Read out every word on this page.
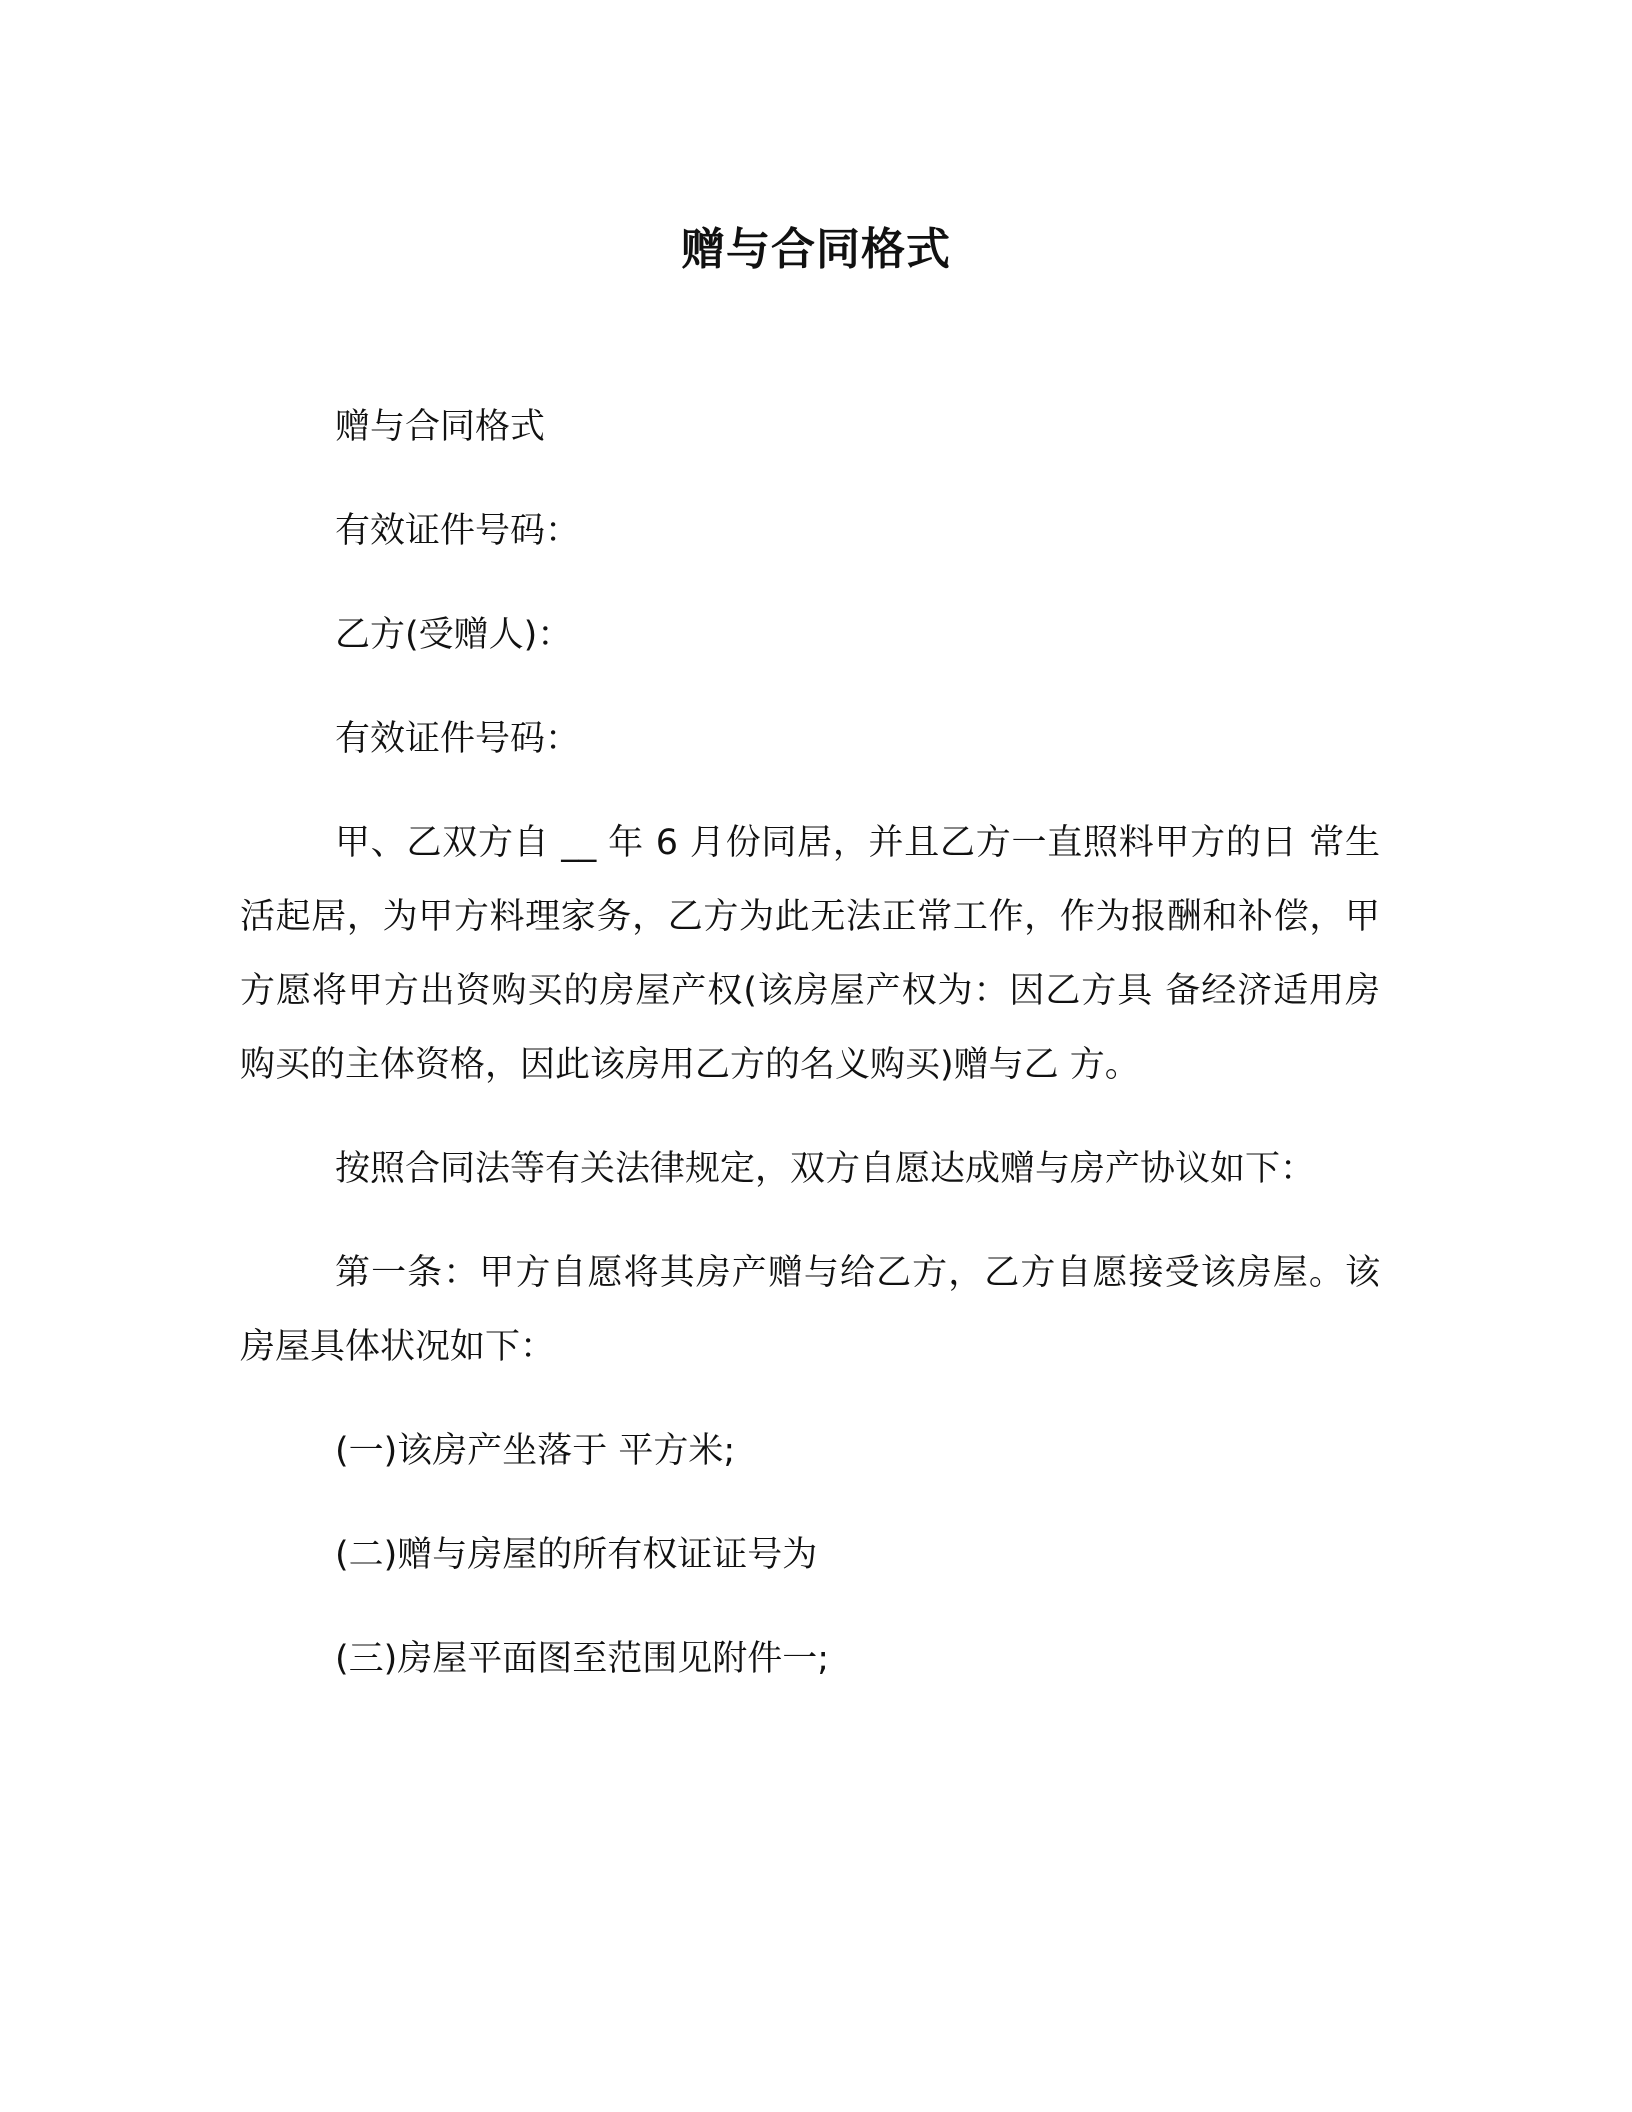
赠与合同格式

赠与合同格式

有效证件号码：

乙方(受赠人)：

有效证件号码：

甲、乙双方自 __ 年 6 月份同居，并且乙方一直照料甲方的日 常生活起居，为甲方料理家务，乙方为此无法正常工作，作为报酬和补偿，甲方愿将甲方出资购买的房屋产权(该房屋产权为：因乙方具 备经济适用房购买的主体资格，因此该房用乙方的名义购买)赠与乙 方。

按照合同法等有关法律规定，双方自愿达成赠与房产协议如下：

第一条：甲方自愿将其房产赠与给乙方，乙方自愿接受该房屋。该房屋具体状况如下：

(一)该房产坐落于 平方米;

(二)赠与房屋的所有权证证号为

(三)房屋平面图至范围见附件一;
